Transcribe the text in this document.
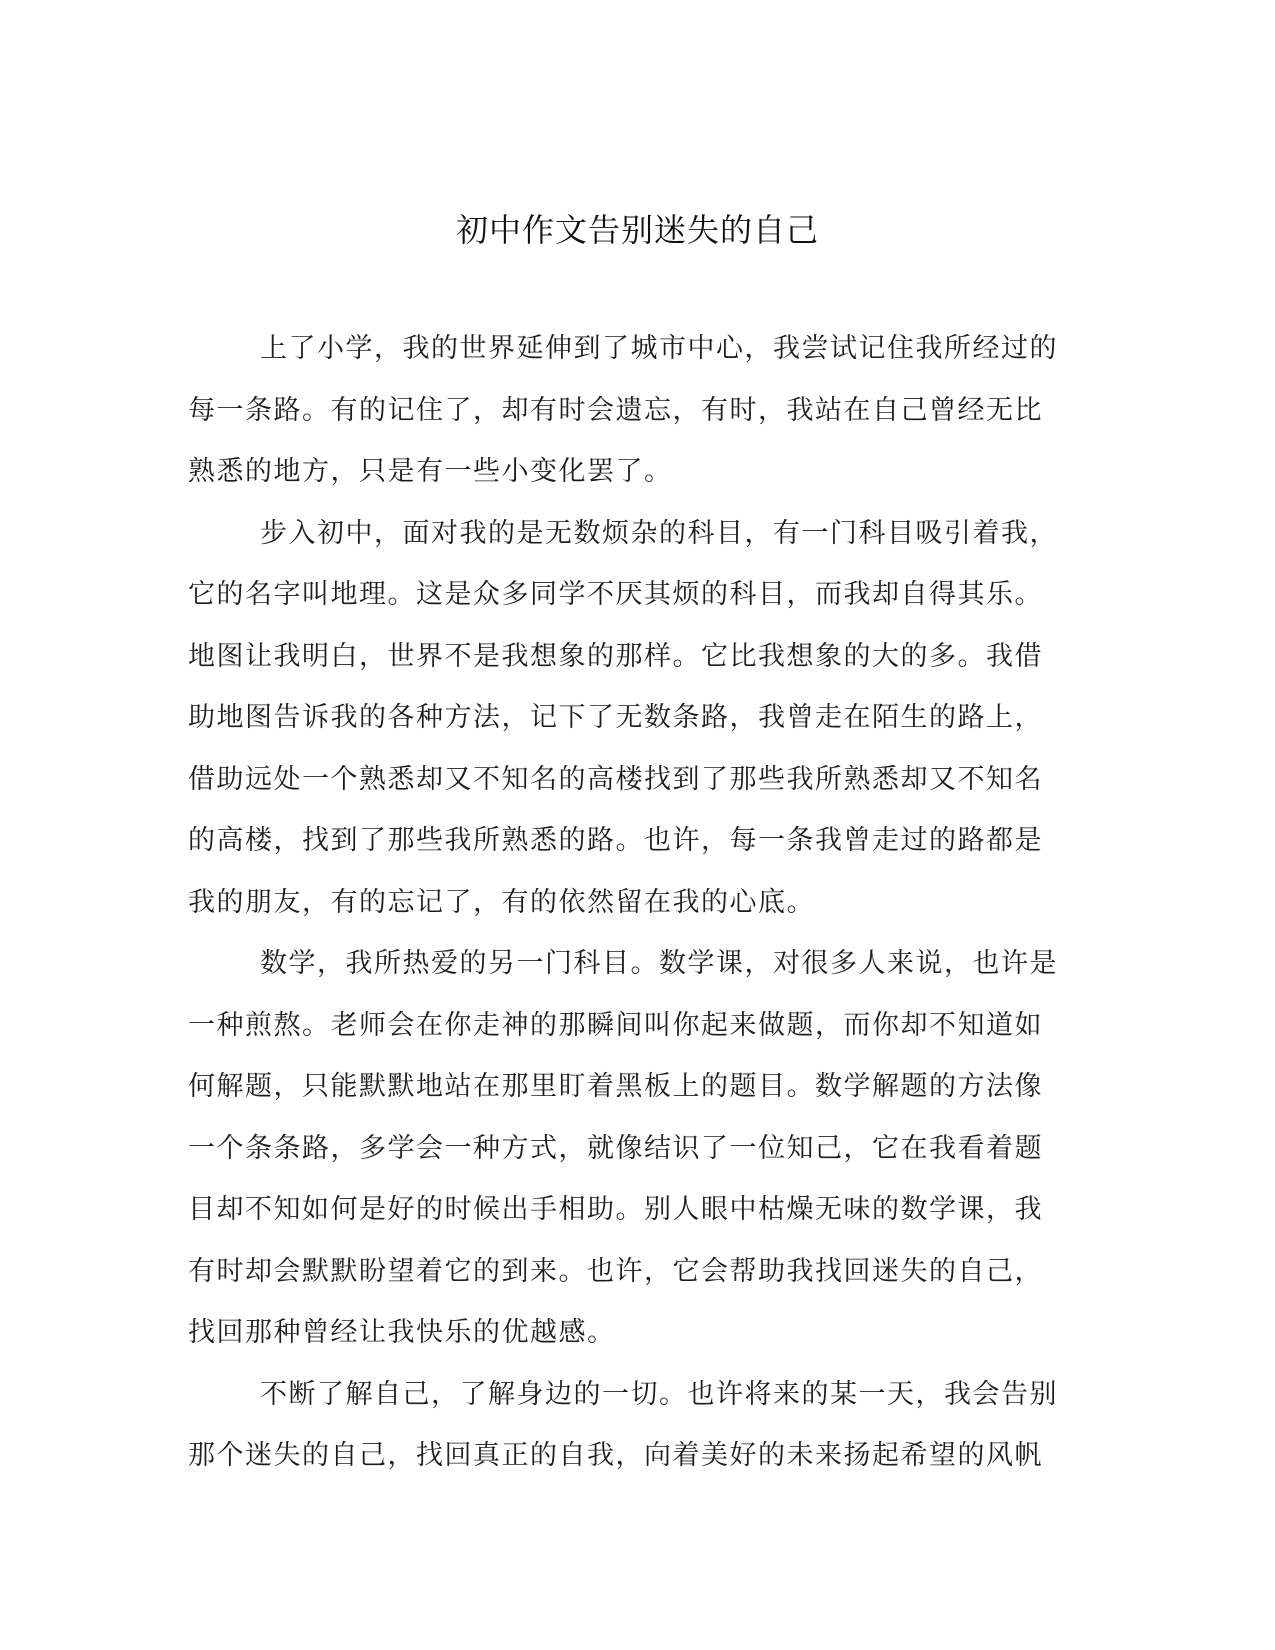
初中作文告别迷失的自己

上了小学，我的世界延伸到了城市中心，我尝试记住我所经过的
每一条路。有的记住了，却有时会遗忘，有时，我站在自己曾经无比
熟悉的地方，只是有一些小变化罢了。

步入初中，面对我的是无数烦杂的科目，有一门科目吸引着我，
它的名字叫地理。这是众多同学不厌其烦的科目，而我却自得其乐。
地图让我明白，世界不是我想象的那样。它比我想象的大的多。我借
助地图告诉我的各种方法，记下了无数条路，我曾走在陌生的路上，
借助远处一个熟悉却又不知名的高楼找到了那些我所熟悉却又不知名
的高楼，找到了那些我所熟悉的路。也许，每一条我曾走过的路都是
我的朋友，有的忘记了，有的依然留在我的心底。

数学，我所热爱的另一门科目。数学课，对很多人来说，也许是
一种煎熬。老师会在你走神的那瞬间叫你起来做题，而你却不知道如
何解题，只能默默地站在那里盯着黑板上的题目。数学解题的方法像
一个条条路，多学会一种方式，就像结识了一位知己，它在我看着题
目却不知如何是好的时候出手相助。别人眼中枯燥无味的数学课，我
有时却会默默盼望着它的到来。也许，它会帮助我找回迷失的自己，
找回那种曾经让我快乐的优越感。

不断了解自己，了解身边的一切。也许将来的某一天，我会告别
那个迷失的自己，找回真正的自我，向着美好的未来扬起希望的风帆
